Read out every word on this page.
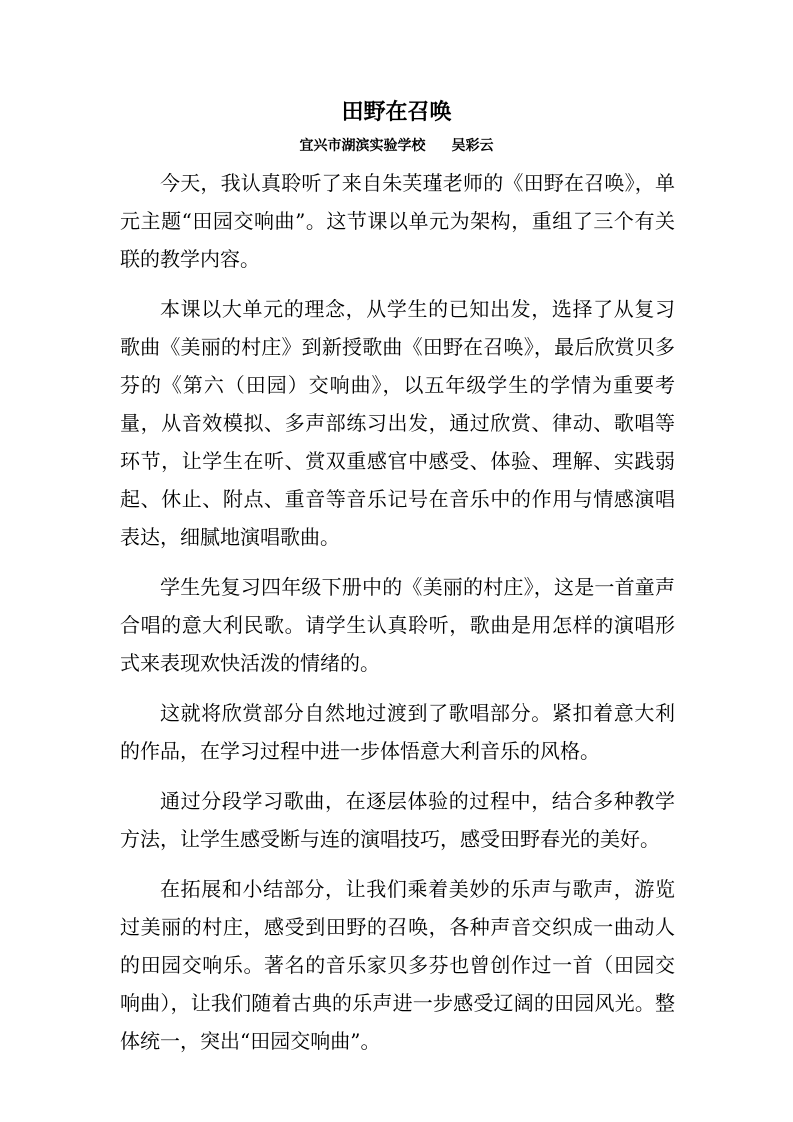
田野在召唤
宜兴市湖滨实验学校 吴彩云

今天，我认真聆听了来自朱芙瑾老师的《田野在召唤》，单元主题“田园交响曲”。这节课以单元为架构，重组了三个有关联的教学内容。

本课以大单元的理念，从学生的已知出发，选择了从复习歌曲《美丽的村庄》到新授歌曲《田野在召唤》，最后欣赏贝多芬的《第六（田园）交响曲》，以五年级学生的学情为重要考量，从音效模拟、多声部练习出发，通过欣赏、律动、歌唱等环节，让学生在听、赏双重感官中感受、体验、理解、实践弱起、休止、附点、重音等音乐记号在音乐中的作用与情感演唱表达，细腻地演唱歌曲。

学生先复习四年级下册中的《美丽的村庄》，这是一首童声合唱的意大利民歌。请学生认真聆听，歌曲是用怎样的演唱形式来表现欢快活泼的情绪的。

这就将欣赏部分自然地过渡到了歌唱部分。紧扣着意大利的作品，在学习过程中进一步体悟意大利音乐的风格。

通过分段学习歌曲，在逐层体验的过程中，结合多种教学方法，让学生感受断与连的演唱技巧，感受田野春光的美好。

在拓展和小结部分，让我们乘着美妙的乐声与歌声，游览过美丽的村庄，感受到田野的召唤，各种声音交织成一曲动人的田园交响乐。著名的音乐家贝多芬也曾创作过一首（田园交响曲），让我们随着古典的乐声进一步感受辽阔的田园风光。整体统一，突出“田园交响曲”。
